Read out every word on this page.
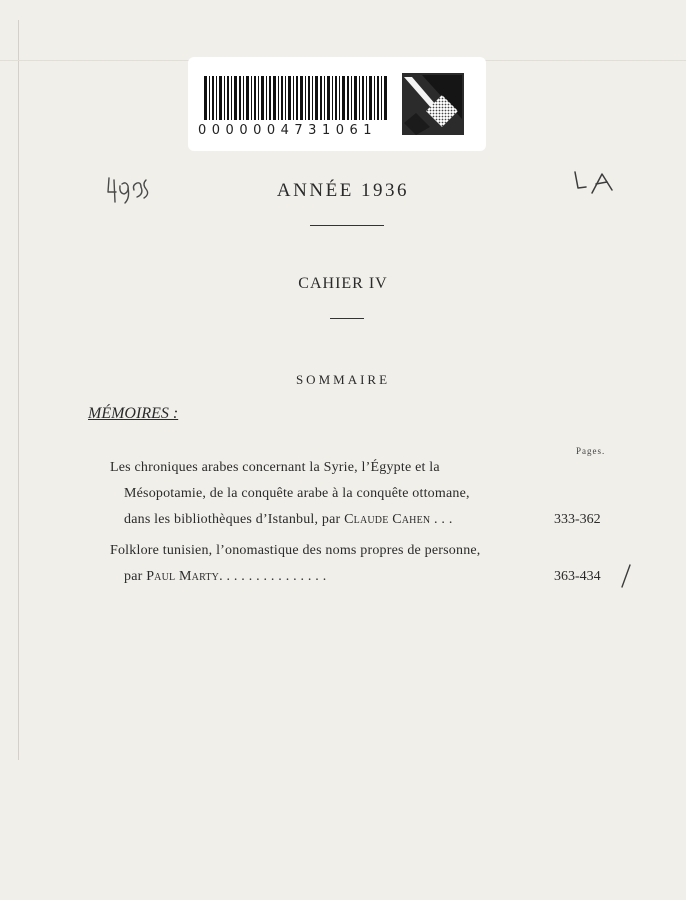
0000004731061
ANNÉE 1936
CAHIER IV
SOMMAIRE
MÉMOIRES :
Pages.
Les chroniques arabes concernant la Syrie, l’Égypte et la
Mésopotamie, de la conquête arabe à la conquête ottomane,
dans les bibliothèques d’Istanbul, par Claude Cahen . . .	333-362
Folklore tunisien, l’onomastique des noms propres de personne,
par Paul Marty. . . . . . . . . . . . . . .	363-434
